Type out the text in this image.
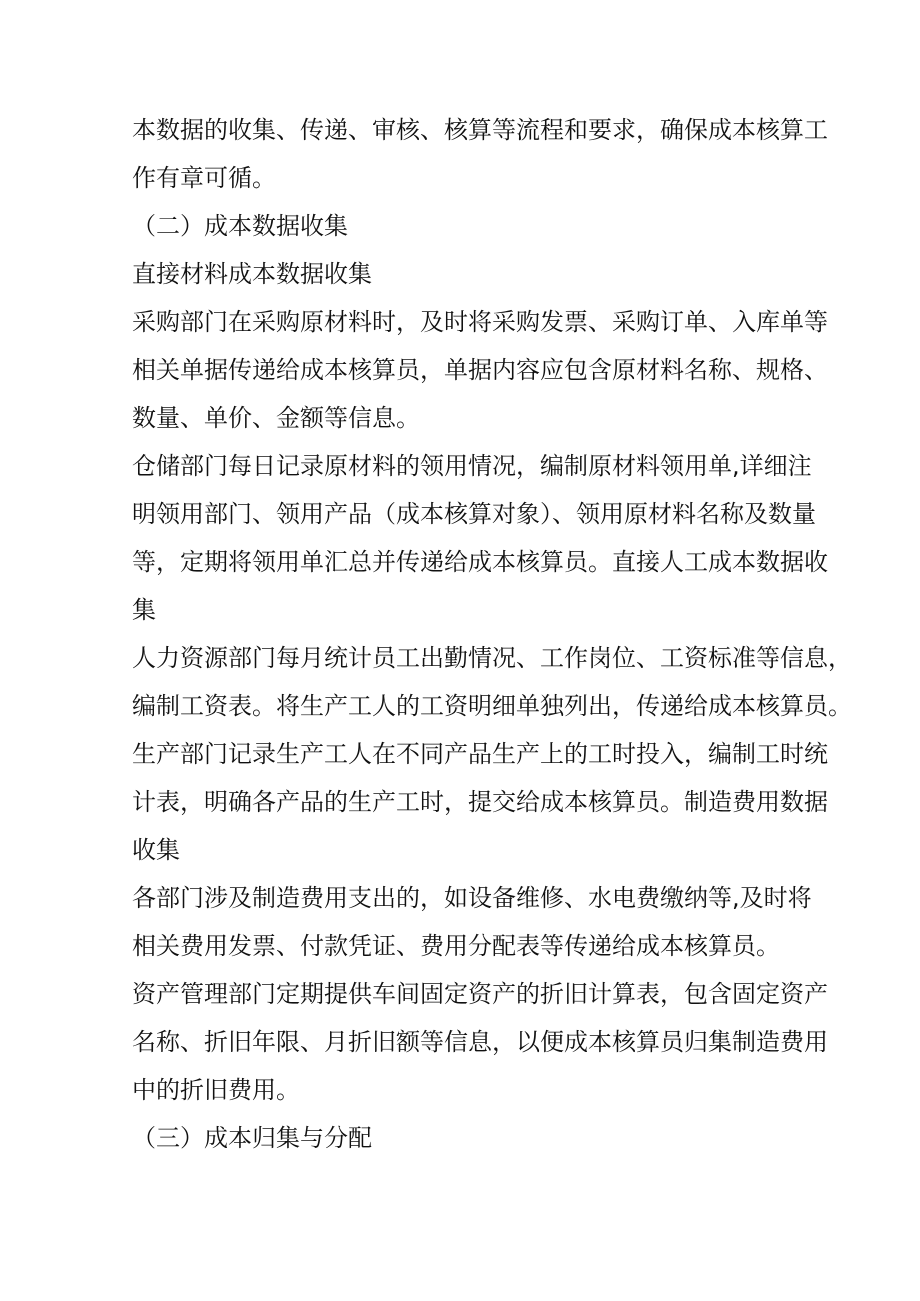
本数据的收集、传递、审核、核算等流程和要求，确保成本核算工
作有章可循。
（二）成本数据收集
直接材料成本数据收集
采购部门在采购原材料时，及时将采购发票、采购订单、入库单等
相关单据传递给成本核算员，单据内容应包含原材料名称、规格、
数量、单价、金额等信息。
仓储部门每日记录原材料的领用情况，编制原材料领用单,详细注
明领用部门、领用产品（成本核算对象）、领用原材料名称及数量
等，定期将领用单汇总并传递给成本核算员。直接人工成本数据收
集
人力资源部门每月统计员工出勤情况、工作岗位、工资标准等信息，
编制工资表。将生产工人的工资明细单独列出，传递给成本核算员。
生产部门记录生产工人在不同产品生产上的工时投入，编制工时统
计表，明确各产品的生产工时，提交给成本核算员。制造费用数据
收集
各部门涉及制造费用支出的，如设备维修、水电费缴纳等,及时将
相关费用发票、付款凭证、费用分配表等传递给成本核算员。
资产管理部门定期提供车间固定资产的折旧计算表，包含固定资产
名称、折旧年限、月折旧额等信息，以便成本核算员归集制造费用
中的折旧费用。
（三）成本归集与分配
